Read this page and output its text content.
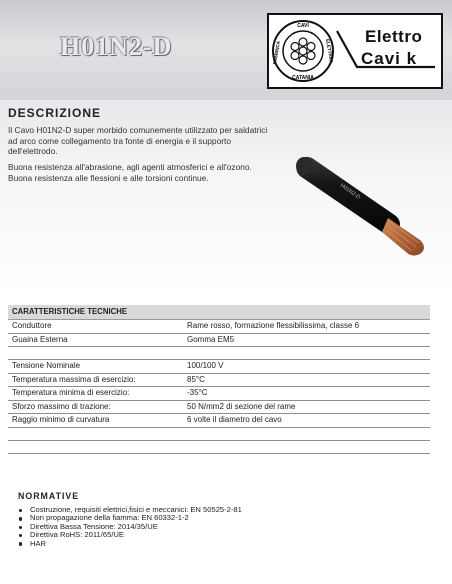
H01N2-D
CAVI
CATANIA
FABBRICA	ELETTRICI
Elettro
Cavi k
DESCRIZIONE
Il Cavo H01N2-D super morbido comunemente utilizzato per saldatrici
ad arco come collegamento tra fonte di energia e il supporto
dell'elettrodo.
Buona resistenza all'abrasione, agli agenti atmosferici e all'ozono.
Buona resistenza alle flessioni e alle torsioni continue.
H01N2-D
CARATTERISTICHE TECNICHE
Conduttore	Rame rosso, formazione flessibilissima, classe 6
Guaina Esterna	Gomma EM5
Tensione Nominale	100/100 V
Temperatura massima di esercizio:	85°C
Temperatura minima di esercizio:	-35°C
Sforzo massimo di trazione:	50 N/mm2 di sezione del rame
Raggio minimo di curvatura	6 volte il diametro del cavo
NORMATIVE
Costruzione, requisiti elettrici,fisici e meccanici: EN 50525-2-81
Non propagazione della fiamma: EN 60332-1-2
Direttiva Bassa Tensione: 2014/35/UE
Direttiva RoHS: 2011/65/UE
HAR
